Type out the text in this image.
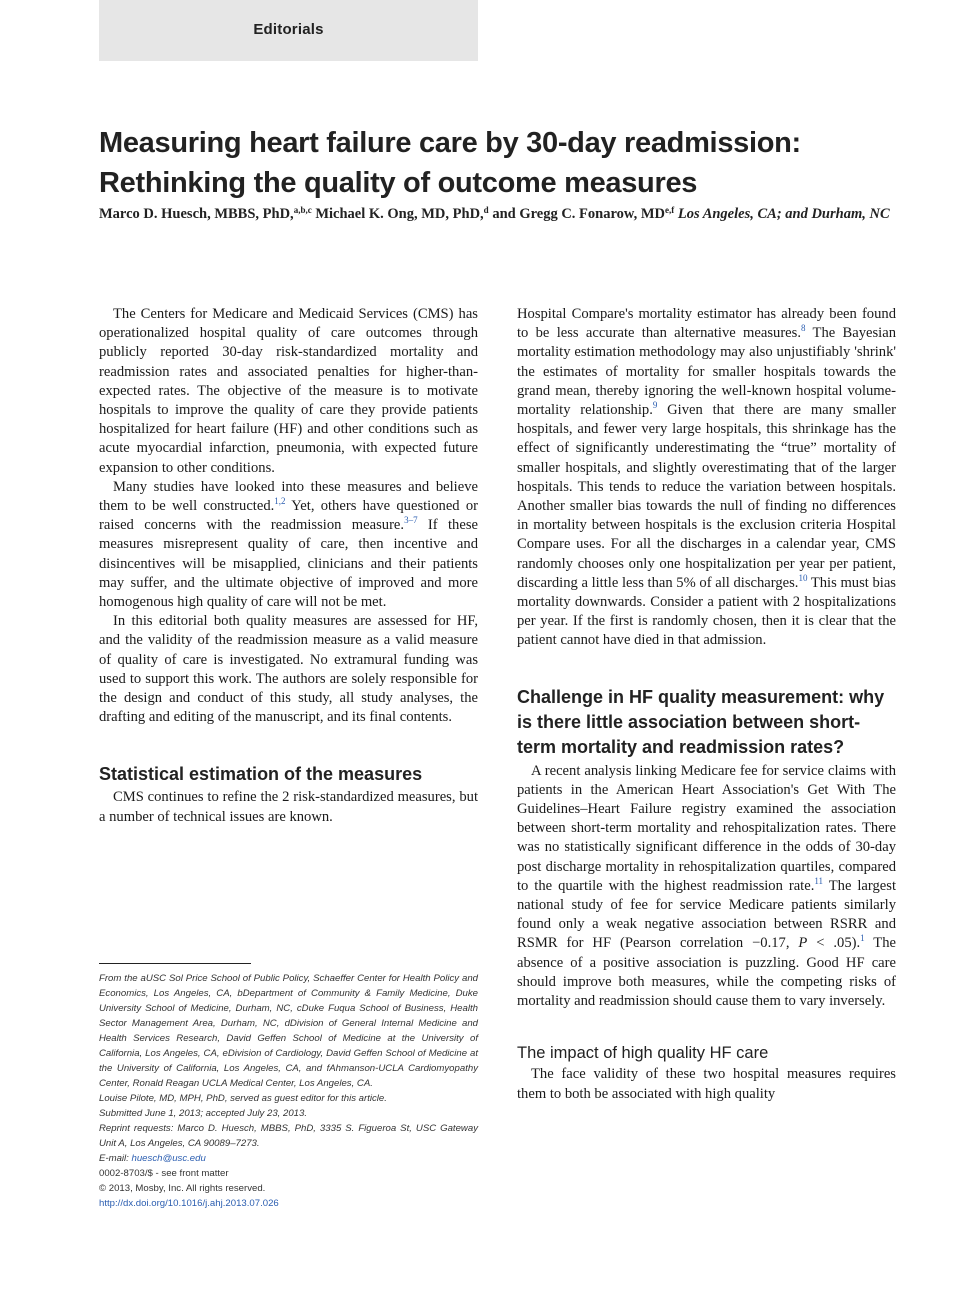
Editorials
Measuring heart failure care by 30-day readmission:
Rethinking the quality of outcome measures
Marco D. Huesch, MBBS, PhD,$^{a,b,c}$ Michael K. Ong, MD, PhD,$^d$ and Gregg C. Fonarow, MD$^{e,f}$ Los Angeles, CA; and Durham, NC

The Centers for Medicare and Medicaid Services (CMS) has operationalized hospital quality of care outcomes through publicly reported 30-day risk-standardized mortality and readmission rates and associated penalties for higher-than-expected rates. The objective of the measure is to motivate hospitals to improve the quality of care they provide patients hospitalized for heart failure (HF) and other conditions such as acute myocardial infarction, pneumonia, with expected future expansion to other conditions.

Many studies have looked into these measures and believe them to be well constructed.$^{1,2}$ Yet, others have questioned or raised concerns with the readmission measure.$^{3-7}$ If these measures misrepresent quality of care, then incentive and disincentives will be misapplied, clinicians and their patients may suffer, and the ultimate objective of improved and more homogenous high quality of care will not be met.

In this editorial both quality measures are assessed for HF, and the validity of the readmission measure as a valid measure of quality of care is investigated. No extramural funding was used to support this work. The authors are solely responsible for the design and conduct of this study, all study analyses, the drafting and editing of the manuscript, and its final contents.

Statistical estimation of the measures

CMS continues to refine the 2 risk-standardized measures, but a number of technical issues are known.

From the aUSC Sol Price School of Public Policy, Schaeffer Center for Health Policy and Economics, Los Angeles, CA, bDepartment of Community & Family Medicine, Duke University School of Medicine, Durham, NC, cDuke Fuqua School of Business, Health Sector Management Area, Durham, NC, dDivision of General Internal Medicine and Health Services Research, David Geffen School of Medicine at the University of California, Los Angeles, CA, eDivision of Cardiology, David Geffen School of Medicine at the University of California, Los Angeles, CA, and fAhmanson-UCLA Cardiomyopathy Center, Ronald Reagan UCLA Medical Center, Los Angeles, CA.
Louise Pilote, MD, MPH, PhD, served as guest editor for this article.
Submitted June 1, 2013; accepted July 23, 2013.
Reprint requests: Marco D. Huesch, MBBS, PhD, 3335 S. Figueroa St, USC Gateway Unit A, Los Angeles, CA 90089–7273.
E-mail: huesch@usc.edu
0002-8703/$ - see front matter
© 2013, Mosby, Inc. All rights reserved.
http://dx.doi.org/10.1016/j.ahj.2013.07.026

Hospital Compare's mortality estimator has already been found to be less accurate than alternative measures.$^8$ The Bayesian mortality estimation methodology may also unjustifiably 'shrink' the estimates of mortality for smaller hospitals towards the grand mean, thereby ignoring the well-known hospital volume-mortality relationship.$^9$ Given that there are many smaller hospitals, and fewer very large hospitals, this shrinkage has the effect of significantly underestimating the “true” mortality of smaller hospitals, and slightly overestimating that of the larger hospitals. This tends to reduce the variation between hospitals. Another smaller bias towards the null of finding no differences in mortality between hospitals is the exclusion criteria Hospital Compare uses. For all the discharges in a calendar year, CMS randomly chooses only one hospitalization per year per patient, discarding a little less than 5% of all discharges.$^{10}$ This must bias mortality downwards. Consider a patient with 2 hospitalizations per year. If the first is randomly chosen, then it is clear that the patient cannot have died in that admission.

Challenge in HF quality measurement: why is there little association between short-term mortality and readmission rates?

A recent analysis linking Medicare fee for service claims with patients in the American Heart Association's Get With The Guidelines–Heart Failure registry examined the association between short-term mortality and rehospitalization rates. There was no statistically significant difference in the odds of 30-day post discharge mortality in rehospitalization quartiles, compared to the quartile with the highest readmission rate.$^{11}$ The largest national study of fee for service Medicare patients similarly found only a weak negative association between RSRR and RSMR for HF (Pearson correlation −0.17, P < .05).$^1$ The absence of a positive association is puzzling. Good HF care should improve both measures, while the competing risks of mortality and readmission should cause them to vary inversely.

The impact of high quality HF care

The face validity of these two hospital measures requires them to both be associated with high quality
